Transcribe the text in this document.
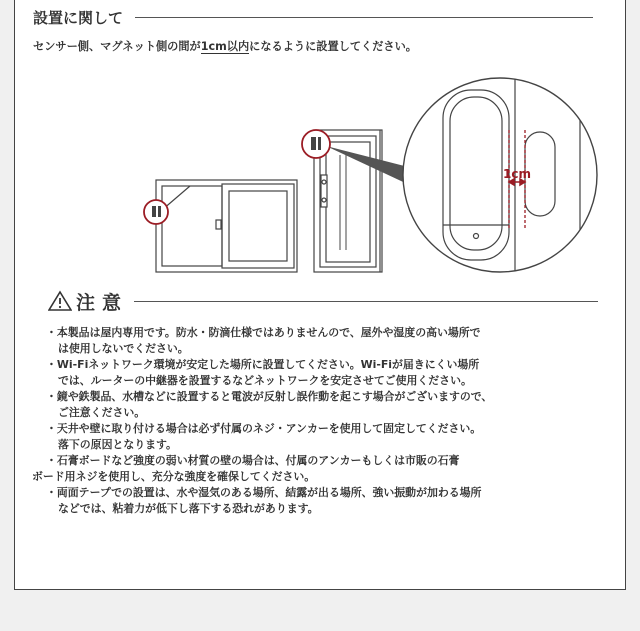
設置に関して
センサー側、マグネット側の間が1cm以内になるように設置してください。
1cm
注意
・本製品は屋内専用です。防水・防滴仕様ではありませんので、屋外や湿度の高い場所で
は使用しないでください。
・Wi-Fiネットワーク環境が安定した場所に設置してください。Wi-Fiが届きにくい場所
では、ルーターの中継器を設置するなどネットワークを安定させてご使用ください。
・鏡や鉄製品、水槽などに設置すると電波が反射し誤作動を起こす場合がございますので、
ご注意ください。
・天井や壁に取り付ける場合は必ず付属のネジ・アンカーを使用して固定してください。
落下の原因となります。
・石膏ボードなど強度の弱い材質の壁の場合は、付属のアンカーもしくは市販の石膏
ボード用ネジを使用し、充分な強度を確保してください。
・両面テープでの設置は、水や湿気のある場所、結露が出る場所、強い振動が加わる場所
などでは、粘着力が低下し落下する恐れがあります。
